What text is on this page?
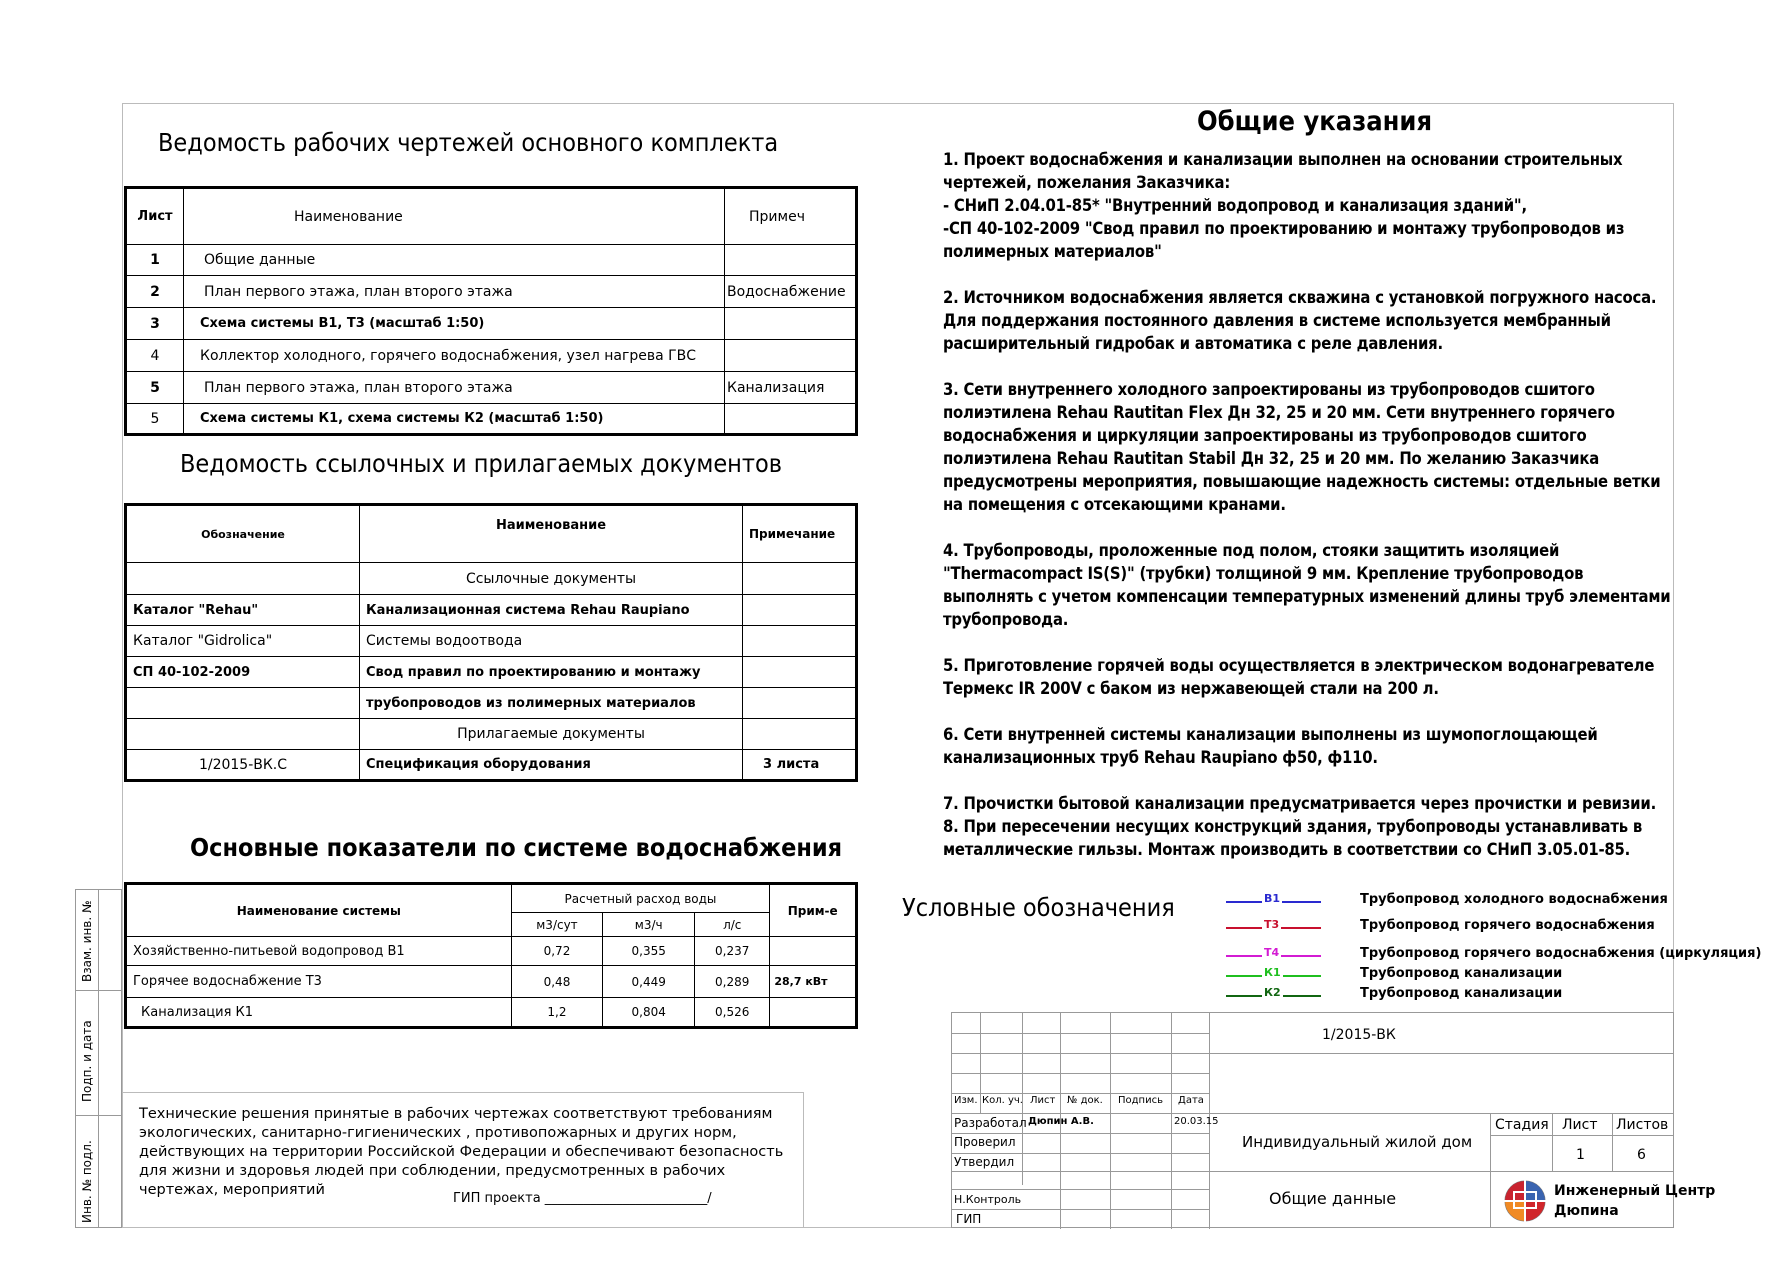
Взам. инв. №
Подп. и дата
Инв. № подл.
Ведомость рабочих чертежей основного комплекта
Лист	Наименование	Примеч
1	Общие данные	
2	План первого этажа, план второго этажа	Водоснабжение
3	Схема системы В1, Т3 (масштаб 1:50)	
4	Коллектор холодного, горячего водоснабжения, узел нагрева ГВС	
5	План первого этажа, план второго этажа	Канализация
5	Схема системы К1, схема системы К2 (масштаб 1:50)	
Ведомость ссылочных и прилагаемых документов
Обозначение	Наименование	Примечание
	Ссылочные документы	
Каталог "Rehau"	Канализационная система Rehau Raupiano	
Каталог "Gidrolica"	Системы водоотвода	
СП 40-102-2009	Свод правил по проектированию и монтажу	
	трубопроводов из полимерных материалов	
	Прилагаемые документы	
1/2015-ВК.С	Спецификация оборудования	3 листа
Основные показатели по системе водоснабжения
Наименование системы	Расчетный расход воды			Прим-е
	м3/сут	м3/ч	л/с	
Хозяйственно-питьевой водопровод В1	0,72	0,355	0,237	
Горячее водоснабжение Т3	0,48	0,449	0,289	28,7 кВт
Канализация К1	1,2	0,804	0,526	
Технические решения принятые в рабочих чертежах соответствуют требованиям экологических, санитарно-гигиенических , противопожарных и других норм, действующих на территории Российской Федерации и обеспечивают безопасность для жизни и здоровья людей при соблюдении, предусмотренных в рабочих чертежах, мероприятий
ГИП проекта _________________________/
Общие указания

1. Проект водоснабжения и канализации выполнен на основании строительных чертежей, пожелания Заказчика:
- СНиП 2.04.01-85* "Внутренний водопровод и канализация зданий",
-СП 40-102-2009 "Свод правил по проектированию и монтажу трубопроводов из полимерных материалов"

2. Источником водоснабжения является скважина с установкой погружного насоса. Для поддержания постоянного давления в системе используется мембранный расширительный гидробак и автоматика с реле давления.

3. Сети внутреннего холодного запроектированы из трубопроводов сшитого полиэтилена Rehau Rautitan Flex Дн 32, 25 и 20 мм. Сети внутреннего горячего водоснабжения и циркуляции запроектированы из трубопроводов сшитого полиэтилена Rehau Rautitan Stabil Дн 32, 25 и 20 мм. По желанию Заказчика предусмотрены мероприятия, повышающие надежность системы: отдельные ветки на помещения с отсекающими кранами.

4. Трубопроводы, проложенные под полом, стояки защитить изоляцией "Thermacompact IS(S)" (трубки) толщиной 9 мм. Крепление трубопроводов выполнять с учетом компенсации температурных изменений длины труб элементами трубопровода.

5. Приготовление горячей воды осуществляется в электрическом водонагревателе Термекс IR 200V с баком из нержавеющей стали на 200 л.

6. Сети внутренней системы канализации выполнены из шумопоглощающей канализационных труб Rehau Raupiano ф50, ф110.

7. Прочистки бытовой канализации предусматривается через прочистки и ревизии.
8. При пересечении несущих конструкций здания, трубопроводы устанавливать в металлические гильзы. Монтаж производить в соответствии со СНиП 3.05.01-85.

Условные обозначения	В1	Трубопровод холодного водоснабжения
Т3	Трубопровод горячего водоснабжения
Т4	Трубопровод горячего водоснабжения (циркуляция)
К1	Трубопровод канализации
К2	Трубопровод канализации
1/2015-ВК
Изм. Кол. уч. Лист № док. Подпись Дата
Разработал Дюпин А.В.	20.03.15
Проверил
Утвердил
Н.Контроль
ГИП
Индивидуальный жилой дом
Общие данные
Стадия Лист Листов
1	6
Инженерный Центр
Дюпина
